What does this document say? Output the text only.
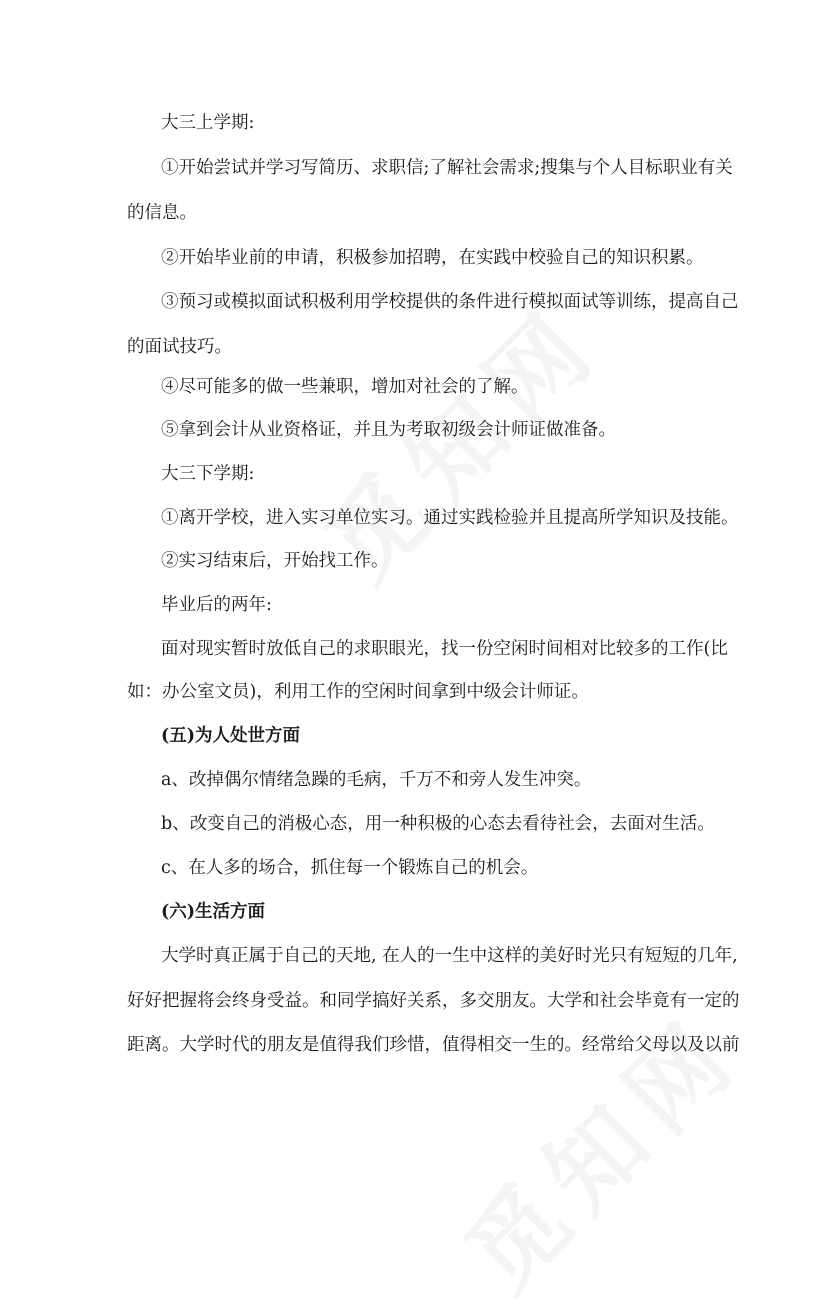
大三上学期:
①开始尝试并学习写简历、求职信;了解社会需求;搜集与个人目标职业有关
的信息。
②开始毕业前的申请，积极参加招聘，在实践中校验自己的知识积累。
③预习或模拟面试积极利用学校提供的条件进行模拟面试等训练，提高自己
的面试技巧。
④尽可能多的做一些兼职，增加对社会的了解。
⑤拿到会计从业资格证，并且为考取初级会计师证做准备。
大三下学期:
①离开学校，进入实习单位实习。通过实践检验并且提高所学知识及技能。
②实习结束后，开始找工作。
毕业后的两年:
面对现实暂时放低自己的求职眼光，找一份空闲时间相对比较多的工作(比
如：办公室文员)，利用工作的空闲时间拿到中级会计师证。
(五)为人处世方面
a、改掉偶尔情绪急躁的毛病，千万不和旁人发生冲突。
b、改变自己的消极心态，用一种积极的心态去看待社会，去面对生活。
c、在人多的场合，抓住每一个锻炼自己的机会。
(六)生活方面
大学时真正属于自己的天地, 在人的一生中这样的美好时光只有短短的几年,
好好把握将会终身受益。和同学搞好关系，多交朋友。大学和社会毕竟有一定的
距离。大学时代的朋友是值得我们珍惜，值得相交一生的。经常给父母以及以前
